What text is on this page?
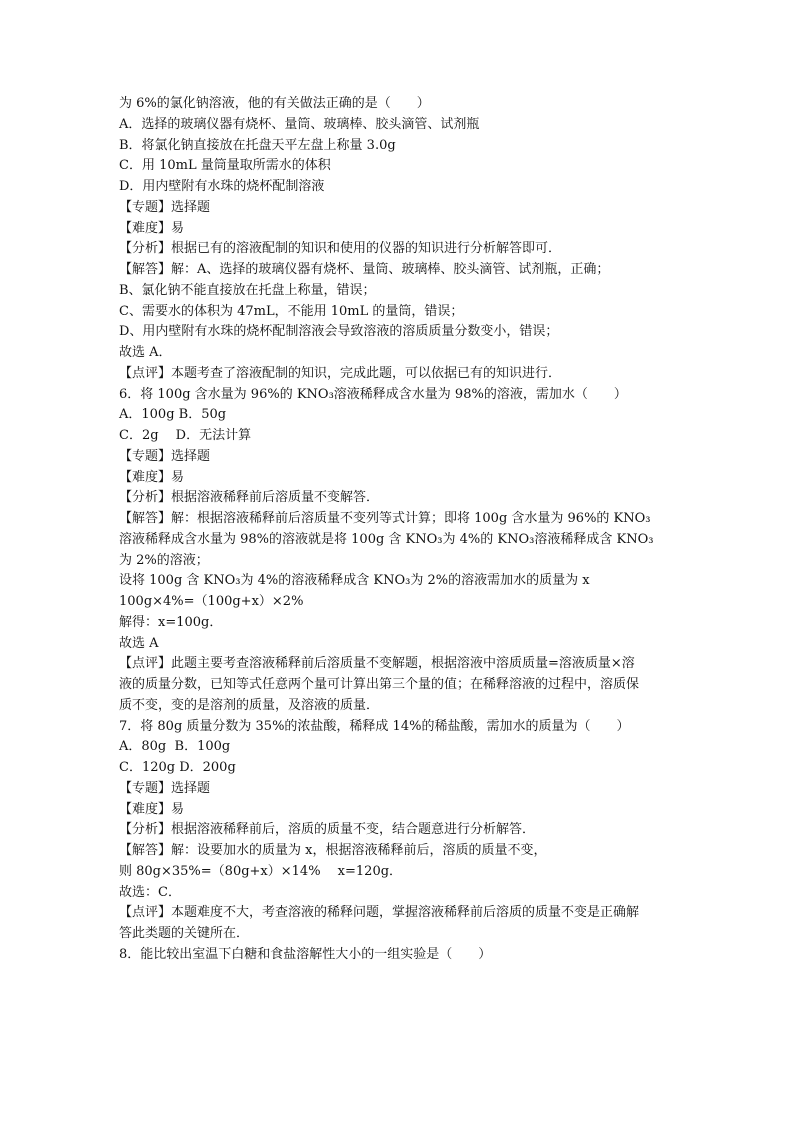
为 6%的氯化钠溶液，他的有关做法正确的是（　　）
A．选择的玻璃仪器有烧杯、量筒、玻璃棒、胶头滴管、试剂瓶
B．将氯化钠直接放在托盘天平左盘上称量 3.0g
C．用 10mL 量筒量取所需水的体积
D．用内壁附有水珠的烧杯配制溶液
【专题】选择题
【难度】易
【分析】根据已有的溶液配制的知识和使用的仪器的知识进行分析解答即可．
【解答】解：A、选择的玻璃仪器有烧杯、量筒、玻璃棒、胶头滴管、试剂瓶，正确；
B、氯化钠不能直接放在托盘上称量，错误；
C、需要水的体积为 47mL，不能用 10mL 的量筒，错误；
D、用内壁附有水珠的烧杯配制溶液会导致溶液的溶质质量分数变小，错误；
故选 A．
【点评】本题考查了溶液配制的知识，完成此题，可以依据已有的知识进行．
6．将 100g 含水量为 96%的 KNO₃溶液稀释成含水量为 98%的溶液，需加水（　　）
A．100g B．50g
C．2g　 D．无法计算
【专题】选择题
【难度】易
【分析】根据溶液稀释前后溶质量不变解答．
【解答】解：根据溶液稀释前后溶质量不变列等式计算；即将 100g 含水量为 96%的 KNO₃
溶液稀释成含水量为 98%的溶液就是将 100g 含 KNO₃为 4%的 KNO₃溶液稀释成含 KNO₃
为 2%的溶液；
设将 100g 含 KNO₃为 4%的溶液稀释成含 KNO₃为 2%的溶液需加水的质量为 x
100g×4%=（100g+x）×2%
解得：x=100g．
故选 A
【点评】此题主要考查溶液稀释前后溶质量不变解题，根据溶液中溶质质量=溶液质量×溶
液的质量分数，已知等式任意两个量可计算出第三个量的值；在稀释溶液的过程中，溶质保
质不变，变的是溶剂的质量，及溶液的质量．
7．将 80g 质量分数为 35%的浓盐酸，稀释成 14%的稀盐酸，需加水的质量为（　　）
A．80g  B．100g
C．120g D．200g
【专题】选择题
【难度】易
【分析】根据溶液稀释前后，溶质的质量不变，结合题意进行分析解答．
【解答】解：设要加水的质量为 x，根据溶液稀释前后，溶质的质量不变，
则 80g×35%=（80g+x）×14%　 x=120g．
故选：C．
【点评】本题难度不大，考查溶液的稀释问题，掌握溶液稀释前后溶质的质量不变是正确解
答此类题的关键所在．
8．能比较出室温下白糖和食盐溶解性大小的一组实验是（　　）
